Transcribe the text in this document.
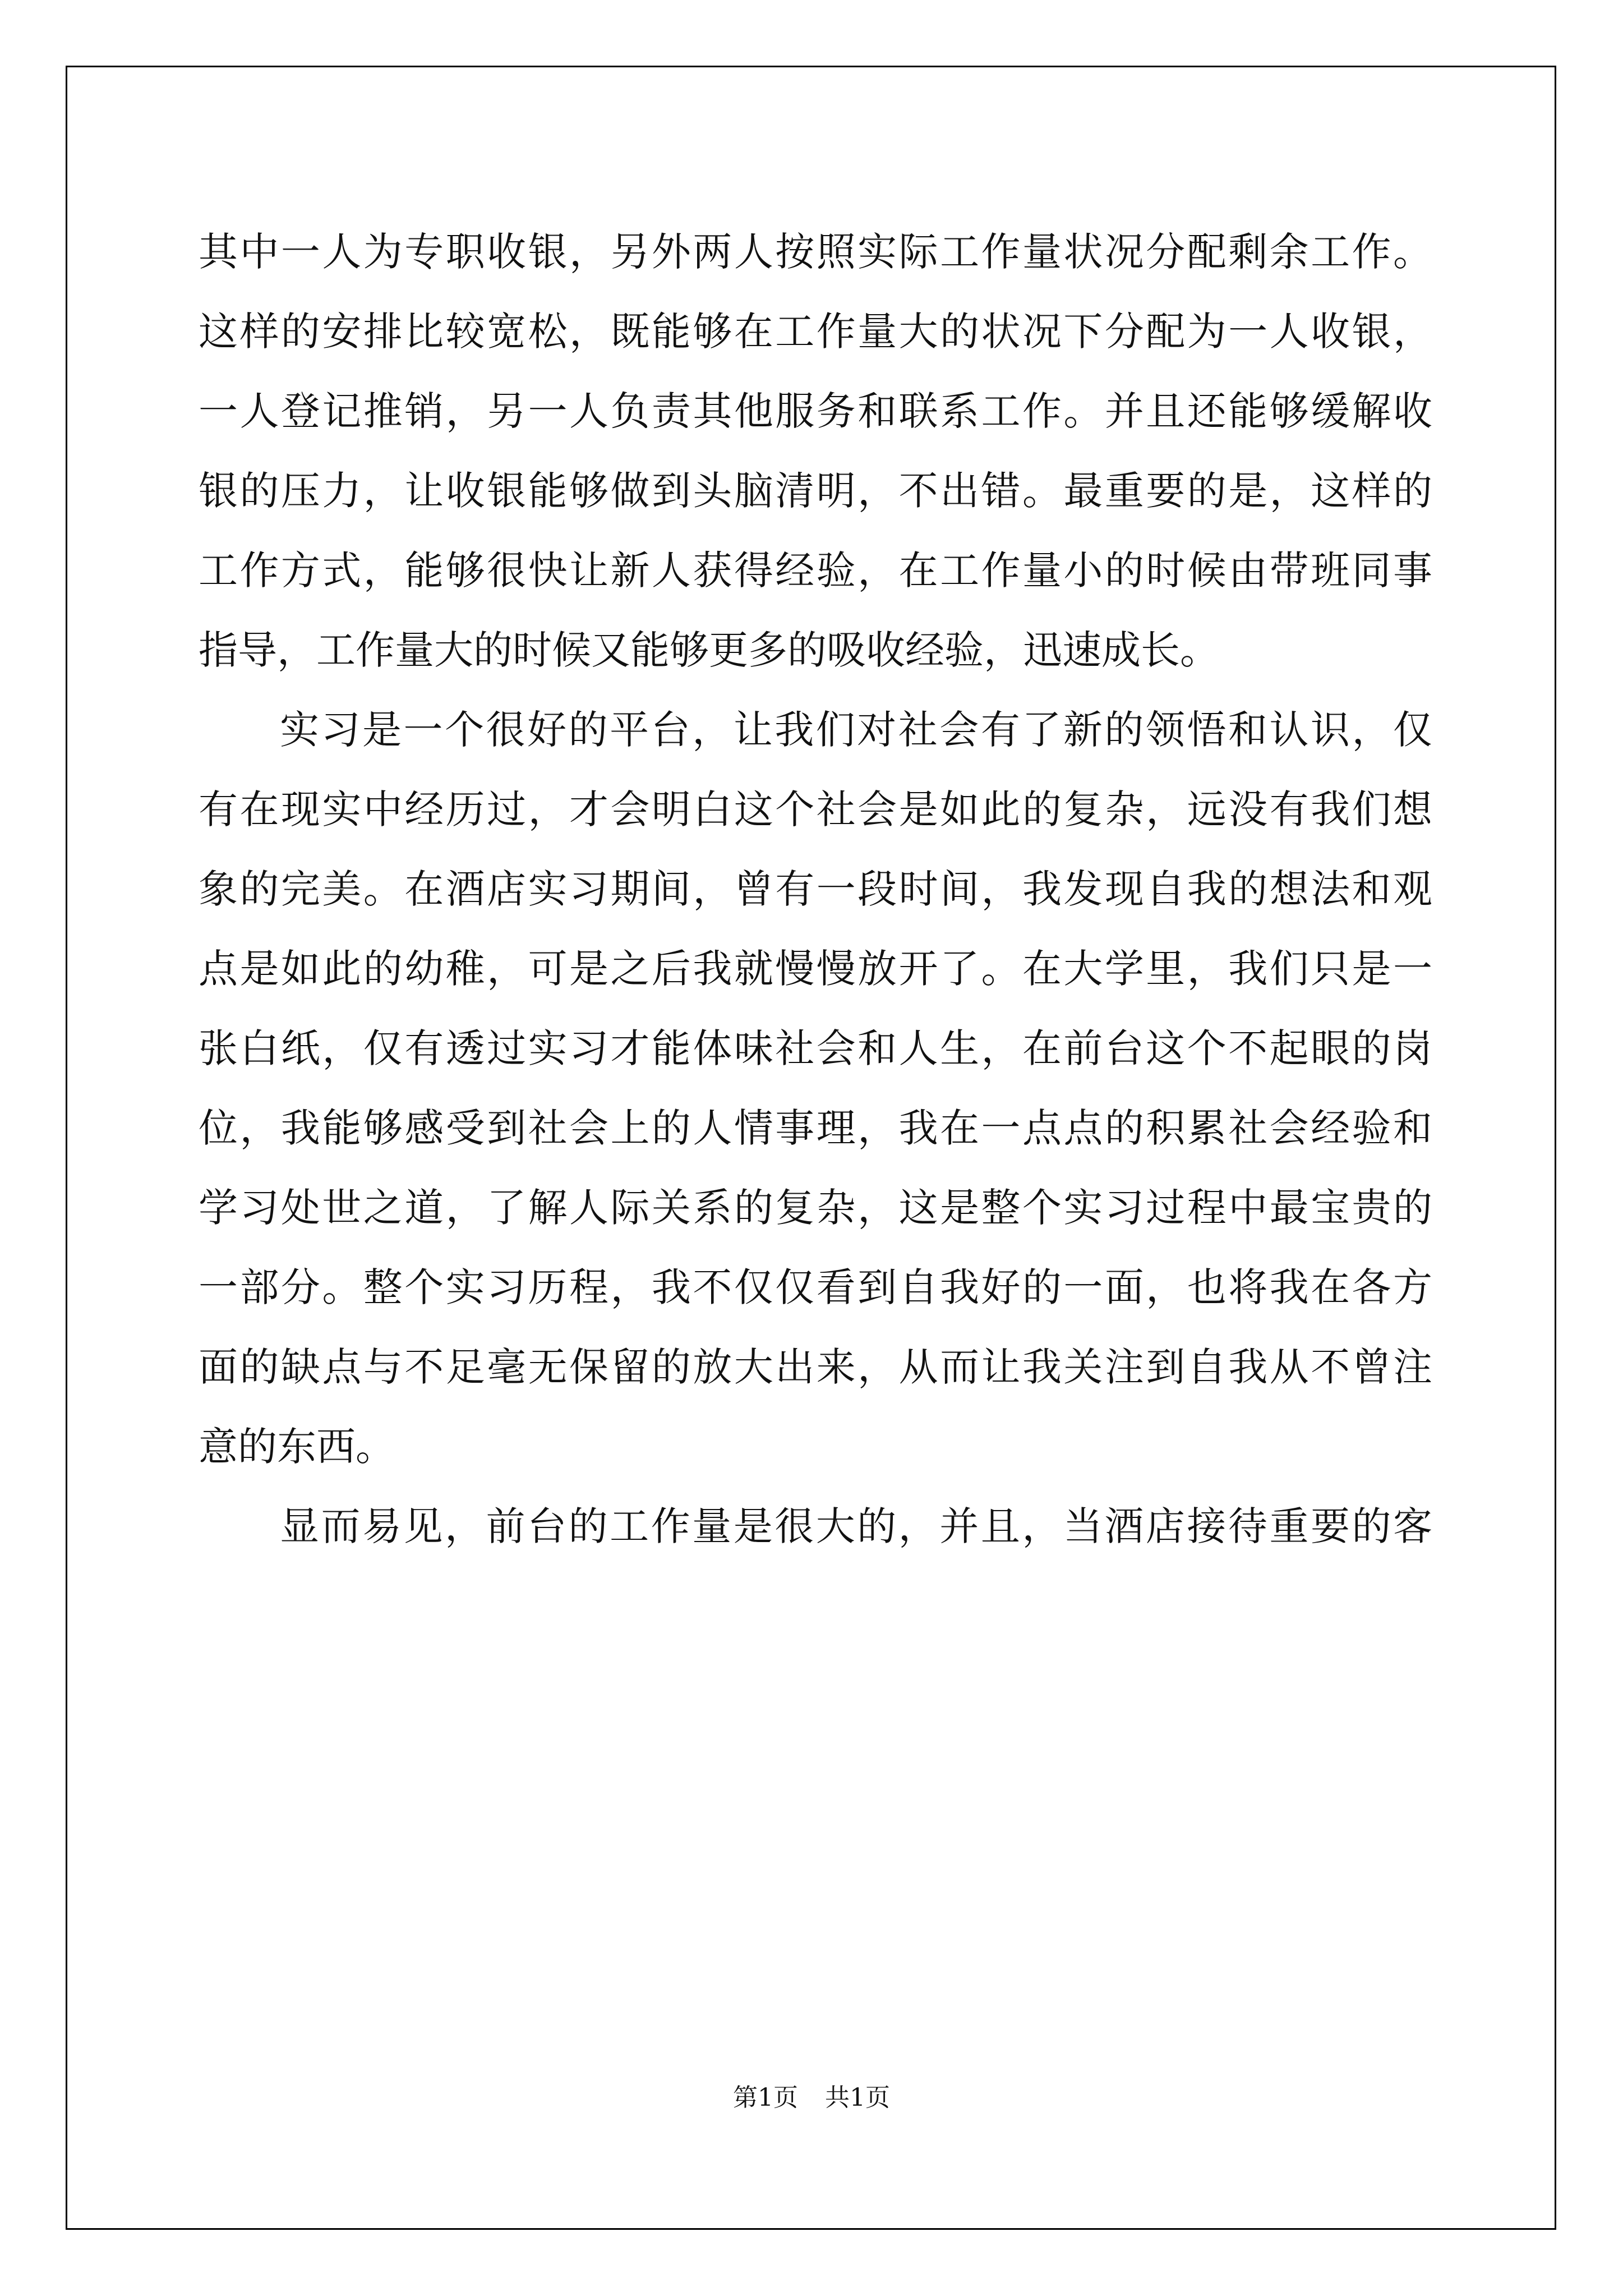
其中一人为专职收银，另外两人按照实际工作量状况分配剩余工作。
这样的安排比较宽松，既能够在工作量大的状况下分配为一人收银，
一人登记推销，另一人负责其他服务和联系工作。并且还能够缓解收
银的压力，让收银能够做到头脑清明，不出错。最重要的是，这样的
工作方式，能够很快让新人获得经验，在工作量小的时候由带班同事
指导，工作量大的时候又能够更多的吸收经验，迅速成长。
实习是一个很好的平台，让我们对社会有了新的领悟和认识，仅
有在现实中经历过，才会明白这个社会是如此的复杂，远没有我们想
象的完美。在酒店实习期间，曾有一段时间，我发现自我的想法和观
点是如此的幼稚，可是之后我就慢慢放开了。在大学里，我们只是一
张白纸，仅有透过实习才能体味社会和人生，在前台这个不起眼的岗
位，我能够感受到社会上的人情事理，我在一点点的积累社会经验和
学习处世之道，了解人际关系的复杂，这是整个实习过程中最宝贵的
一部分。整个实习历程，我不仅仅看到自我好的一面，也将我在各方
面的缺点与不足毫无保留的放大出来，从而让我关注到自我从不曾注
意的东西。
显而易见，前台的工作量是很大的，并且，当酒店接待重要的客
第1页 共1页
